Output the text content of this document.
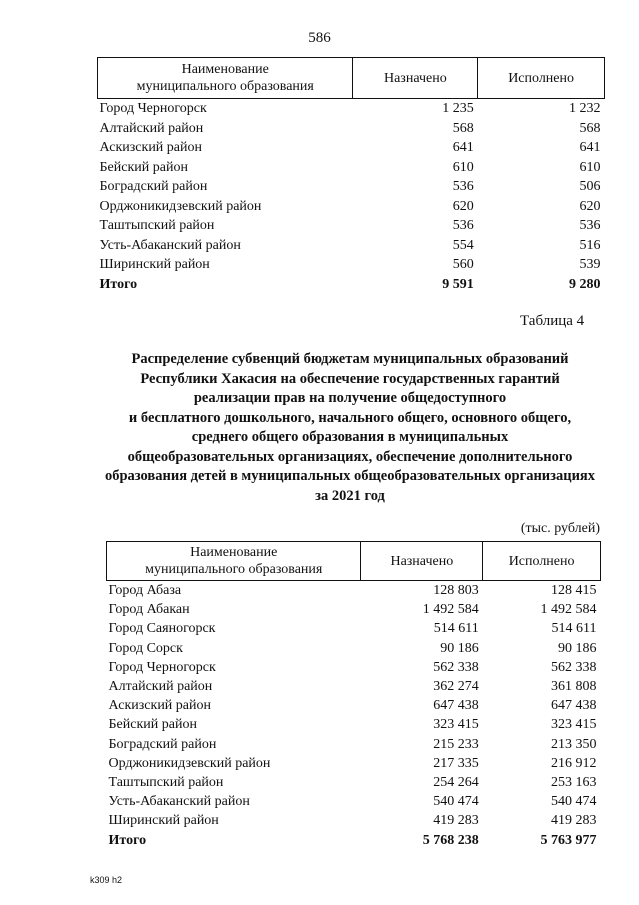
586
Наименование
муниципального образования	Назначено	Исполнено
Город Черногорск	1 235	1 232
Алтайский район	568	568
Аскизский район	641	641
Бейский район	610	610
Боградский район	536	506
Орджоникидзевский район	620	620
Таштыпский район	536	536
Усть-Абаканский район	554	516
Ширинский район	560	539
Итого	9 591	9 280
Таблица 4
Распределение субвенций бюджетам муниципальных образований
Республики Хакасия на обеспечение государственных гарантий
реализации прав на получение общедоступного
и бесплатного дошкольного, начального общего, основного общего,
среднего общего образования в муниципальных
общеобразовательных организациях, обеспечение дополнительного
образования детей в муниципальных общеобразовательных организациях
за 2021 год
(тыс. рублей)
Наименование
муниципального образования	Назначено	Исполнено
Город Абаза	128 803	128 415
Город Абакан	1 492 584	1 492 584
Город Саяногорск	514 611	514 611
Город Сорск	90 186	90 186
Город Черногорск	562 338	562 338
Алтайский район	362 274	361 808
Аскизский район	647 438	647 438
Бейский район	323 415	323 415
Боградский район	215 233	213 350
Орджоникидзевский район	217 335	216 912
Таштыпский район	254 264	253 163
Усть-Абаканский район	540 474	540 474
Ширинский район	419 283	419 283
Итого	5 768 238	5 763 977
k309 h2
